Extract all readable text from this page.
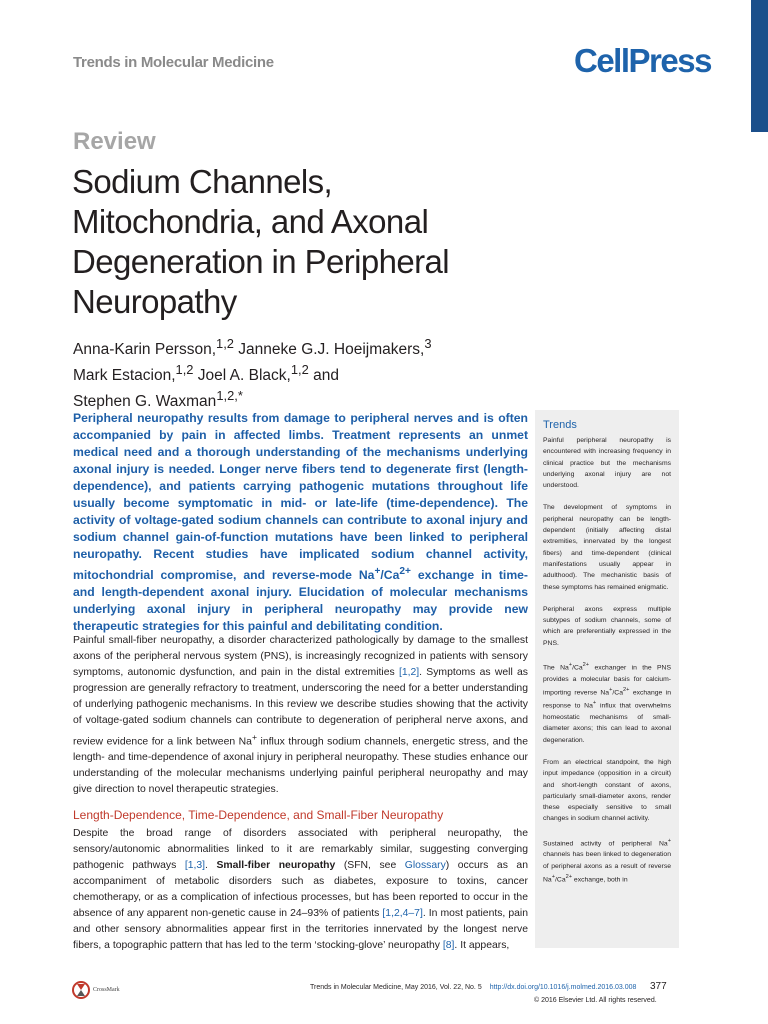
Trends in Molecular Medicine	CellPress
Review
Sodium Channels,
Mitochondria, and Axonal
Degeneration in Peripheral
Neuropathy
Anna-Karin Persson,$^{1,2}$ Janneke G.J. Hoeijmakers,$^3$
Mark Estacion,$^{1,2}$ Joel A. Black,$^{1,2}$ and
Stephen G. Waxman$^{1,2,*}$

Peripheral neuropathy results from damage to peripheral nerves and is often accompanied by pain in affected limbs. Treatment represents an unmet medical need and a thorough understanding of the mechanisms underlying axonal injury is needed. Longer nerve fibers tend to degenerate first (length-dependence), and patients carrying pathogenic mutations throughout life usually become symptomatic in mid- or late-life (time-dependence). The activity of voltage-gated sodium channels can contribute to axonal injury and sodium channel gain-of-function mutations have been linked to peripheral neuropathy. Recent studies have implicated sodium channel activity, mitochondrial compromise, and reverse-mode $Na^+/Ca^{2+}$ exchange in time- and length-dependent axonal injury. Elucidation of molecular mechanisms underlying axonal injury in peripheral neuropathy may provide new therapeutic strategies for this painful and debilitating condition.

Painful small-fiber neuropathy, a disorder characterized pathologically by damage to the smallest axons of the peripheral nervous system (PNS), is increasingly recognized in patients with sensory symptoms, autonomic dysfunction, and pain in the distal extremities [1,2]. Symptoms as well as progression are generally refractory to treatment, underscoring the need for a better understanding of underlying pathogenic mechanisms. In this review we describe studies showing that the activity of voltage-gated sodium channels can contribute to degeneration of peripheral nerve axons, and review evidence for a link between Na+ influx through sodium channels, energetic stress, and the length- and time-dependence of axonal injury in peripheral neuropathy. These studies enhance our understanding of the molecular mechanisms underlying painful peripheral neuropathy and may give direction to novel therapeutic strategies.

Length-Dependence, Time-Dependence, and Small-Fiber Neuropathy

Despite the broad range of disorders associated with peripheral neuropathy, the sensory/autonomic abnormalities linked to it are remarkably similar, suggesting converging pathogenic pathways [1,3]. Small-fiber neuropathy (SFN, see Glossary) occurs as an accompaniment of metabolic disorders such as diabetes, exposure to toxins, cancer chemotherapy, or as a complication of infectious processes, but has been reported to occur in the absence of any apparent non-genetic cause in 24–93% of patients [1,2,4–7]. In most patients, pain and other sensory abnormalities appear first in the territories innervated by the longest nerve fibers, a topographic pattern that has led to the term ‘stocking-glove’ neuropathy [8]. It appears,

Trends

Painful peripheral neuropathy is encountered with increasing frequency in clinical practice but the mechanisms underlying axonal injury are not understood.

The development of symptoms in peripheral neuropathy can be length-dependent (initially affecting distal extremities, innervated by the longest fibers) and time-dependent (clinical manifestations usually appear in adulthood). The mechanistic basis of these symptoms has remained enigmatic.

Peripheral axons express multiple subtypes of sodium channels, some of which are preferentially expressed in the PNS.

The $Na^+/Ca^{2+}$ exchanger in the PNS provides a molecular basis for calcium-importing reverse $Na^+/Ca^{2+}$ exchange in response to Na+ influx that overwhelms homeostatic mechanisms of small-diameter axons; this can lead to axonal degeneration.

From an electrical standpoint, the high input impedance (opposition in a circuit) and short-length constant of axons, particularly small-diameter axons, render these especially sensitive to small changes in sodium channel activity.

Sustained activity of peripheral Na+ channels has been linked to degeneration of peripheral axons as a result of reverse $Na^+/Ca^{2+}$ exchange, both in

CrossMark	Trends in Molecular Medicine, May 2016, Vol. 22, No. 5 http://dx.doi.org/10.1016/j.molmed.2016.03.008 377
© 2016 Elsevier Ltd. All rights reserved.
